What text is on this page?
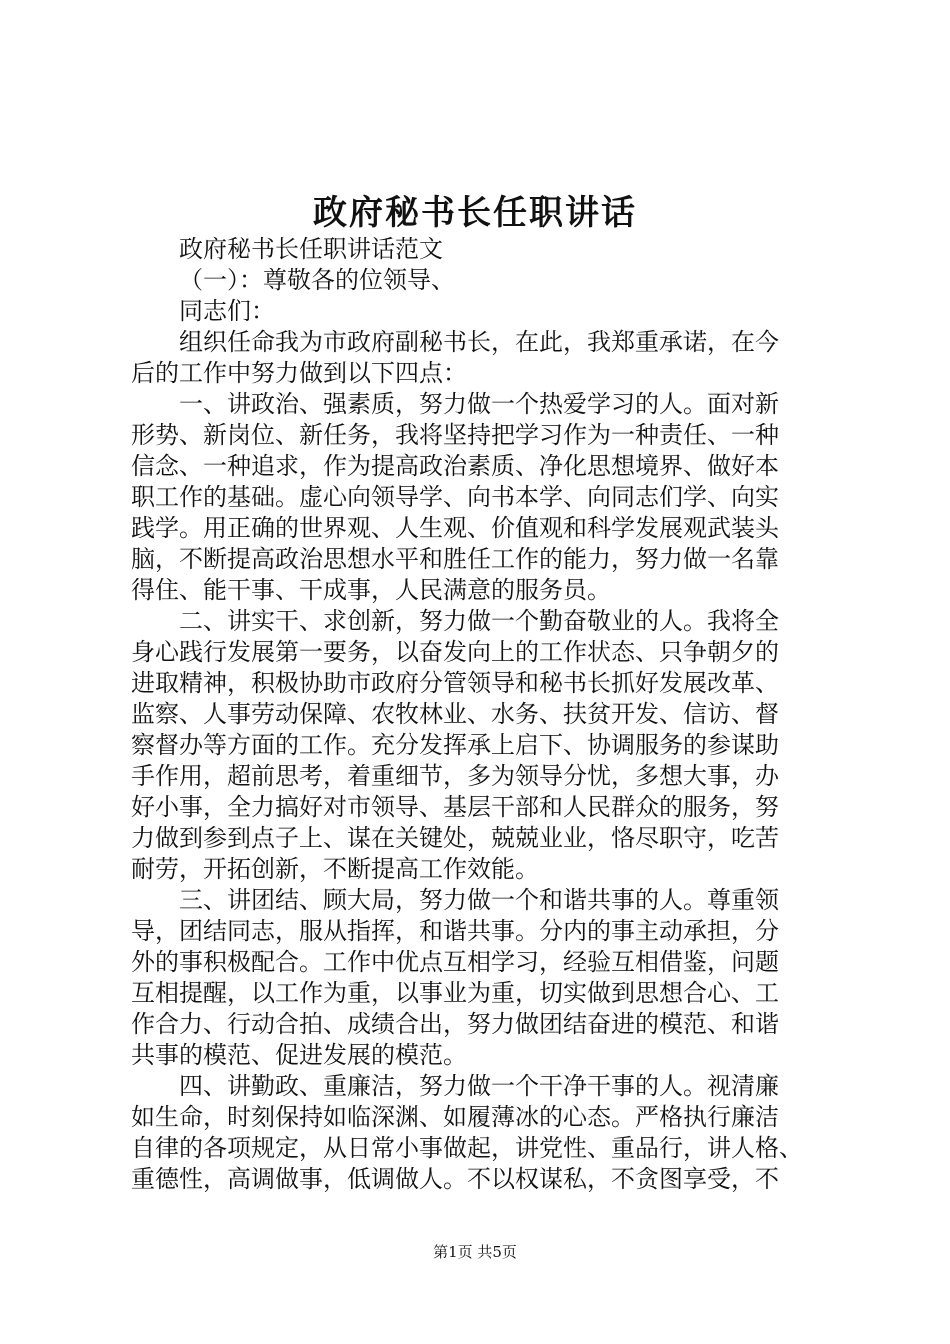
政府秘书长任职讲话
政府秘书长任职讲话范文
（一）：尊敬各的位领导、
同志们：
组织任命我为市政府副秘书长，在此，我郑重承诺，在今
后的工作中努力做到以下四点：
一、讲政治、强素质，努力做一个热爱学习的人。面对新
形势、新岗位、新任务，我将坚持把学习作为一种责任、一种
信念、一种追求，作为提高政治素质、净化思想境界、做好本
职工作的基础。虚心向领导学、向书本学、向同志们学、向实
践学。用正确的世界观、人生观、价值观和科学发展观武装头
脑，不断提高政治思想水平和胜任工作的能力，努力做一名靠
得住、能干事、干成事，人民满意的服务员。
二、讲实干、求创新，努力做一个勤奋敬业的人。我将全
身心践行发展第一要务，以奋发向上的工作状态、只争朝夕的
进取精神，积极协助市政府分管领导和秘书长抓好发展改革、
监察、人事劳动保障、农牧林业、水务、扶贫开发、信访、督
察督办等方面的工作。充分发挥承上启下、协调服务的参谋助
手作用，超前思考，着重细节，多为领导分忧，多想大事，办
好小事，全力搞好对市领导、基层干部和人民群众的服务，努
力做到参到点子上、谋在关键处，兢兢业业，恪尽职守，吃苦
耐劳，开拓创新，不断提高工作效能。
三、讲团结、顾大局，努力做一个和谐共事的人。尊重领
导，团结同志，服从指挥，和谐共事。分内的事主动承担，分
外的事积极配合。工作中优点互相学习，经验互相借鉴，问题
互相提醒，以工作为重，以事业为重，切实做到思想合心、工
作合力、行动合拍、成绩合出，努力做团结奋进的模范、和谐
共事的模范、促进发展的模范。
四、讲勤政、重廉洁，努力做一个干净干事的人。视清廉
如生命，时刻保持如临深渊、如履薄冰的心态。严格执行廉洁
自律的各项规定，从日常小事做起，讲党性、重品行，讲人格、
重德性，高调做事，低调做人。不以权谋私，不贪图享受，不
第1页 共5页
